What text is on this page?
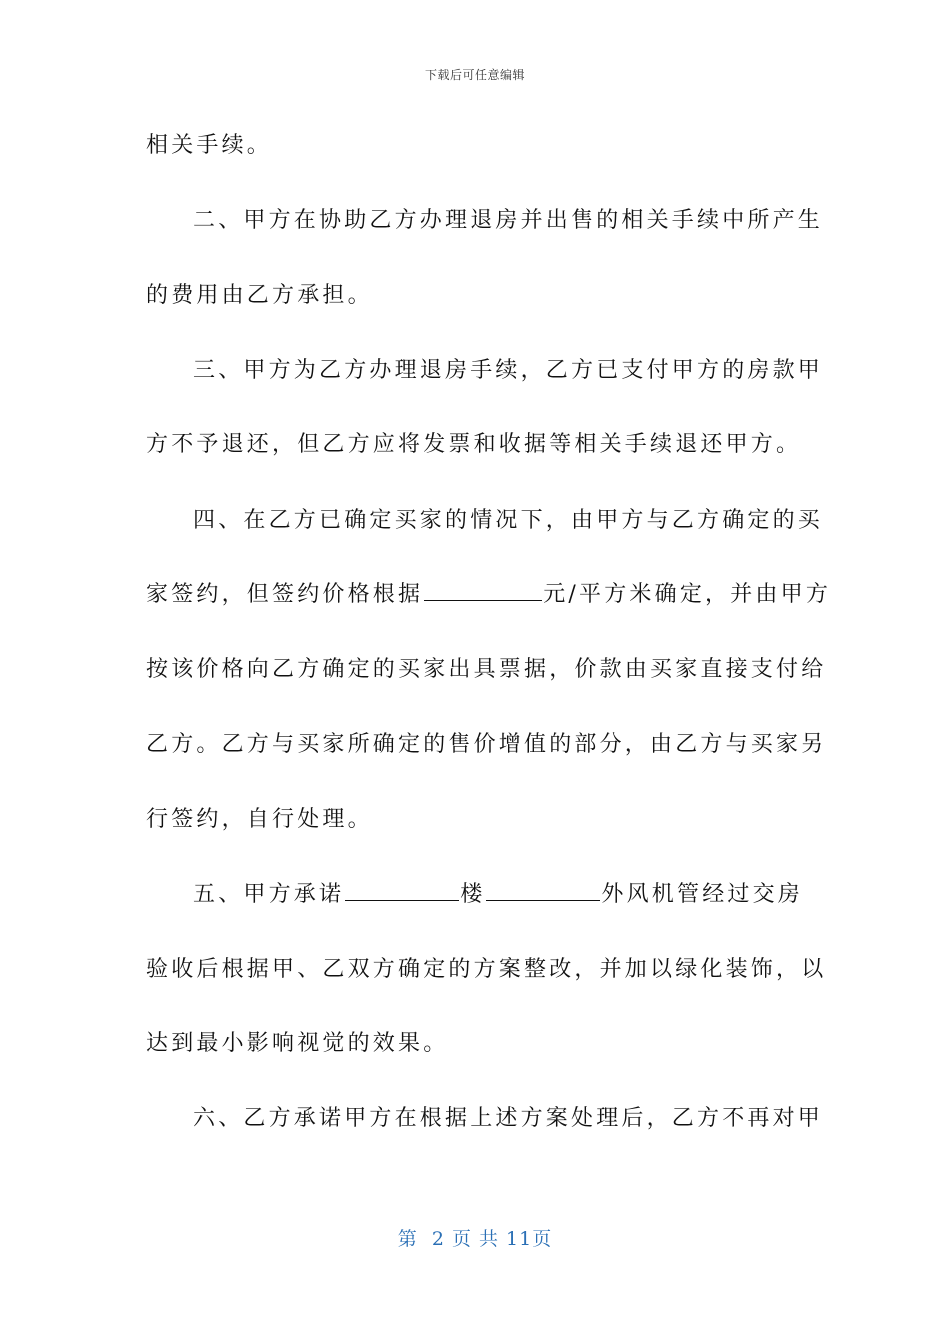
下载后可任意编辑
相关手续。
二、甲方在协助乙方办理退房并出售的相关手续中所产生
的费用由乙方承担。
三、甲方为乙方办理退房手续，乙方已支付甲方的房款甲
方不予退还，但乙方应将发票和收据等相关手续退还甲方。
四、在乙方已确定买家的情况下，由甲方与乙方确定的买
家签约，但签约价格根据	元/平方米确定，并由甲方
按该价格向乙方确定的买家出具票据，价款由买家直接支付给
乙方。乙方与买家所确定的售价增值的部分，由乙方与买家另
行签约，自行处理。
五、甲方承诺	楼	外风机管经过交房
验收后根据甲、乙双方确定的方案整改，并加以绿化装饰，以
达到最小影响视觉的效果。
六、乙方承诺甲方在根据上述方案处理后，乙方不再对甲
第  2 页 共 11页
